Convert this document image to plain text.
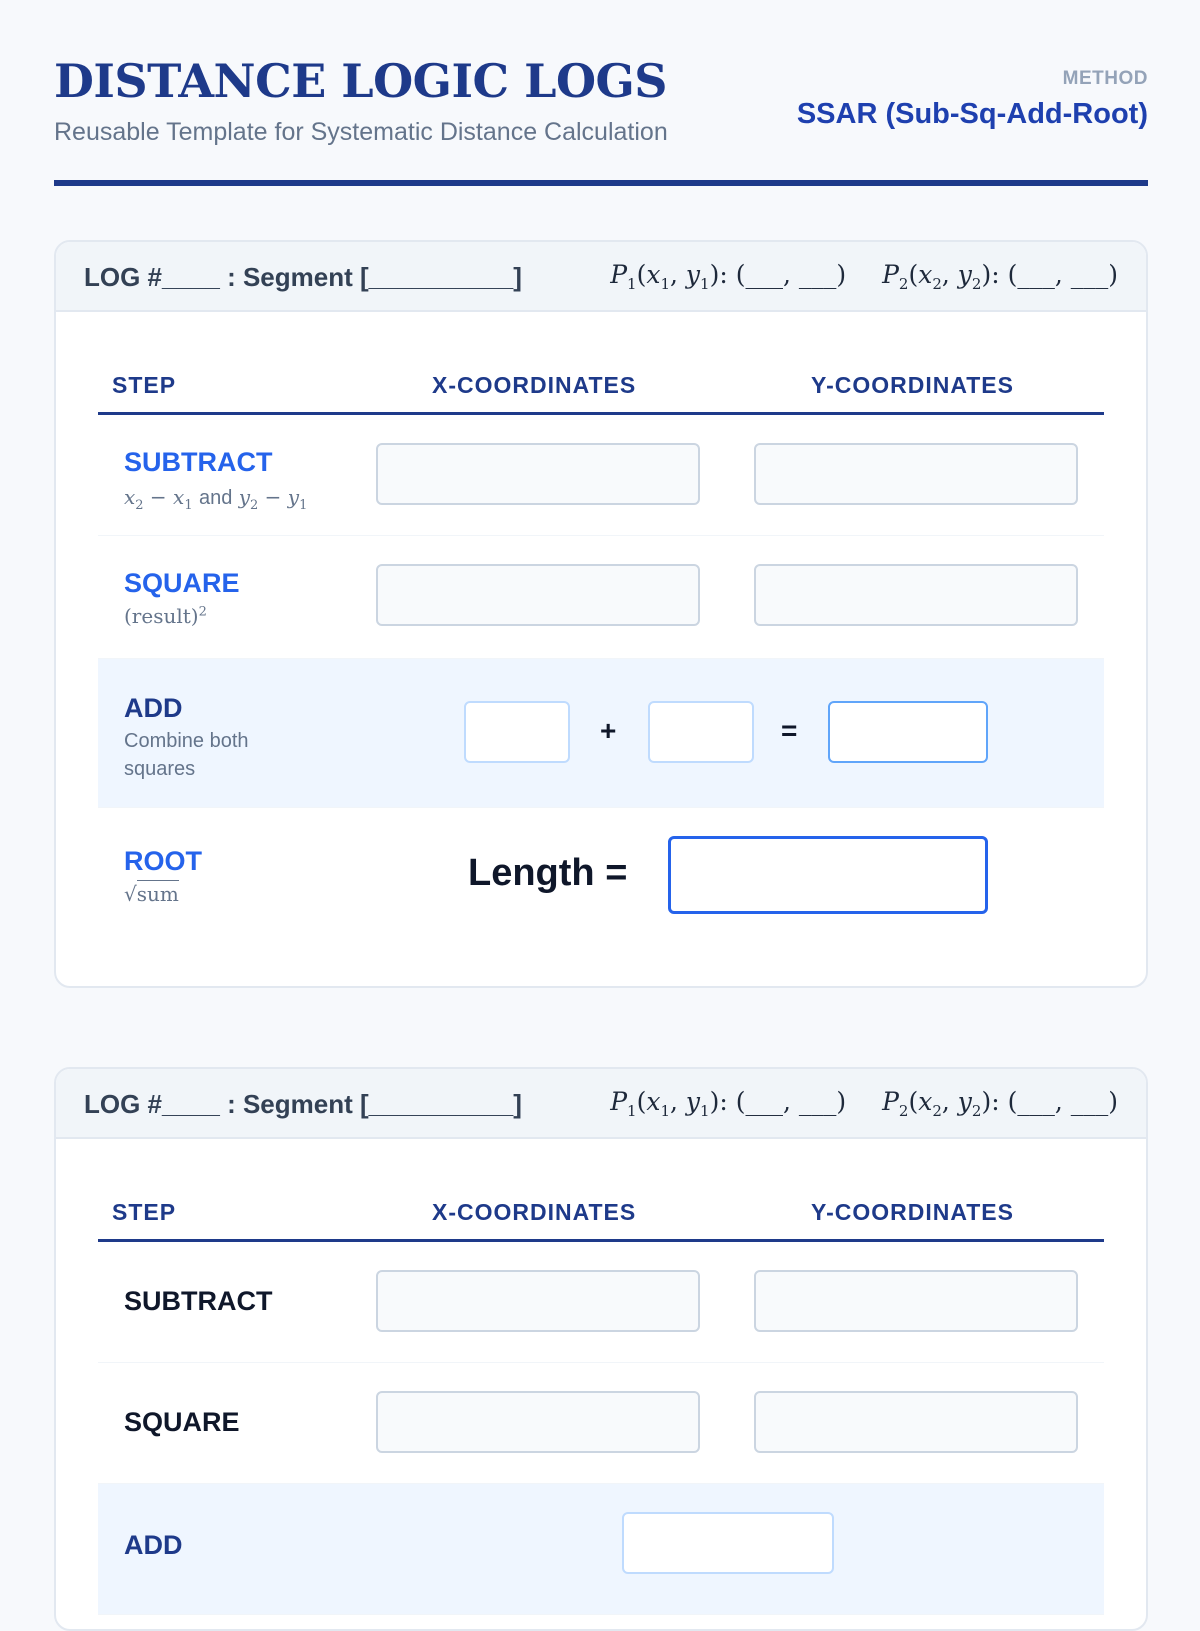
DISTANCE LOGIC LOGS
Reusable Template for Systematic Distance Calculation
METHOD
SSAR (Sub-Sq-Add-Root)
LOG #____ : Segment [__________]	$P_1(x_1$, $y_1$): (___, ___) $P_2(x_2$, $y_2$): (___, ___)
STEP	X-COORDINATES	Y-COORDINATES
SUBTRACT
$x_2 - x_1$ and $y_2 - y_1$
SQUARE
(result)$^2$
ADD
Combine both squares
+	=
ROOT
√sum	Length =
LOG #____ : Segment [__________]	$P_1(x_1$, $y_1$): (___, ___) $P_2(x_2$, $y_2$): (___, ___)
STEP	X-COORDINATES	Y-COORDINATES
SUBTRACT
SQUARE
ADD
